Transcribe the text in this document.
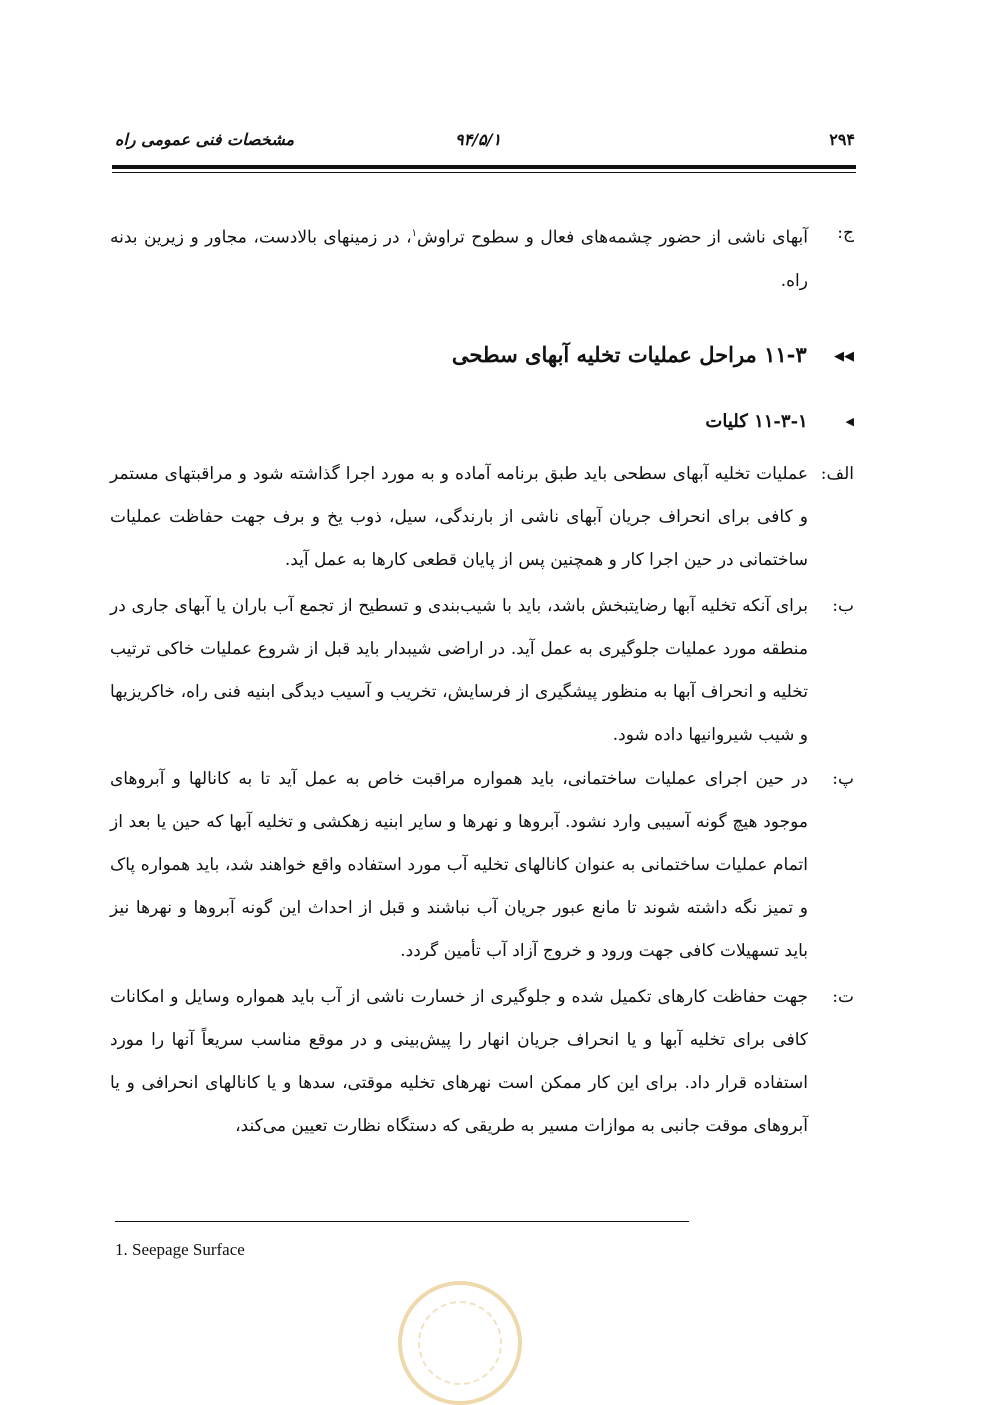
۲۹۴
۹۴/۵/۱
مشخصات فنی عمومی راه
ج:
آبهای ناشی از حضور چشمه‌های فعال و سطوح تراوش$^۱$، در زمینهای بالادست، مجاور و زیرین بدنه راه.
◀◀ ۱۱-۳ مراحل عملیات تخلیه آبهای سطحی
◀ ۱۱-۳-۱ کلیات
الف:
عملیات تخلیه آبهای سطحی باید طبق برنامه آماده و به مورد اجرا گذاشته شود و مراقبتهای مستمر و کافی برای انحراف جریان آبهای ناشی از بارندگی، سیل، ذوب یخ و برف جهت حفاظت عملیات ساختمانی در حین اجرا کار و همچنین پس از پایان قطعی کارها به عمل آید.
ب:
برای آنکه تخلیه آبها رضایتبخش باشد، باید با شیب‌بندی و تسطیح از تجمع آب باران یا آبهای جاری در منطقه مورد عملیات جلوگیری به عمل آید. در اراضی شیبدار باید قبل از شروع عملیات خاکی ترتیب تخلیه و انحراف آبها به منظور پیشگیری از فرسایش، تخریب و آسیب دیدگی ابنیه فنی راه، خاکریزیها و شیب شیروانیها داده شود.
پ:
در حین اجرای عملیات ساختمانی، باید همواره مراقبت خاص به عمل آید تا به کانالها و آبروهای موجود هیچ گونه آسیبی وارد نشود. آبروها و نهرها و سایر ابنیه زهکشی و تخلیه آبها که حین یا بعد از اتمام عملیات ساختمانی به عنوان کانالهای تخلیه آب مورد استفاده واقع خواهند شد، باید همواره پاک و تمیز نگه داشته شوند تا مانع عبور جریان آب نباشند و قبل از احداث این گونه آبروها و نهرها نیز باید تسهیلات کافی جهت ورود و خروج آزاد آب تأمین گردد.
ت:
جهت حفاظت کارهای تکمیل شده و جلوگیری از خسارت ناشی از آب باید همواره وسایل و امکانات کافی برای تخلیه آبها و یا انحراف جریان انهار را پیش‌بینی و در موقع مناسب سریعاً آنها را مورد استفاده قرار داد. برای این کار ممکن است نهرهای تخلیه موقتی، سدها و یا کانالهای انحرافی و یا آبروهای موقت جانبی به موازات مسیر به طریقی که دستگاه نظارت تعیین می‌کند،
1. Seepage Surface
